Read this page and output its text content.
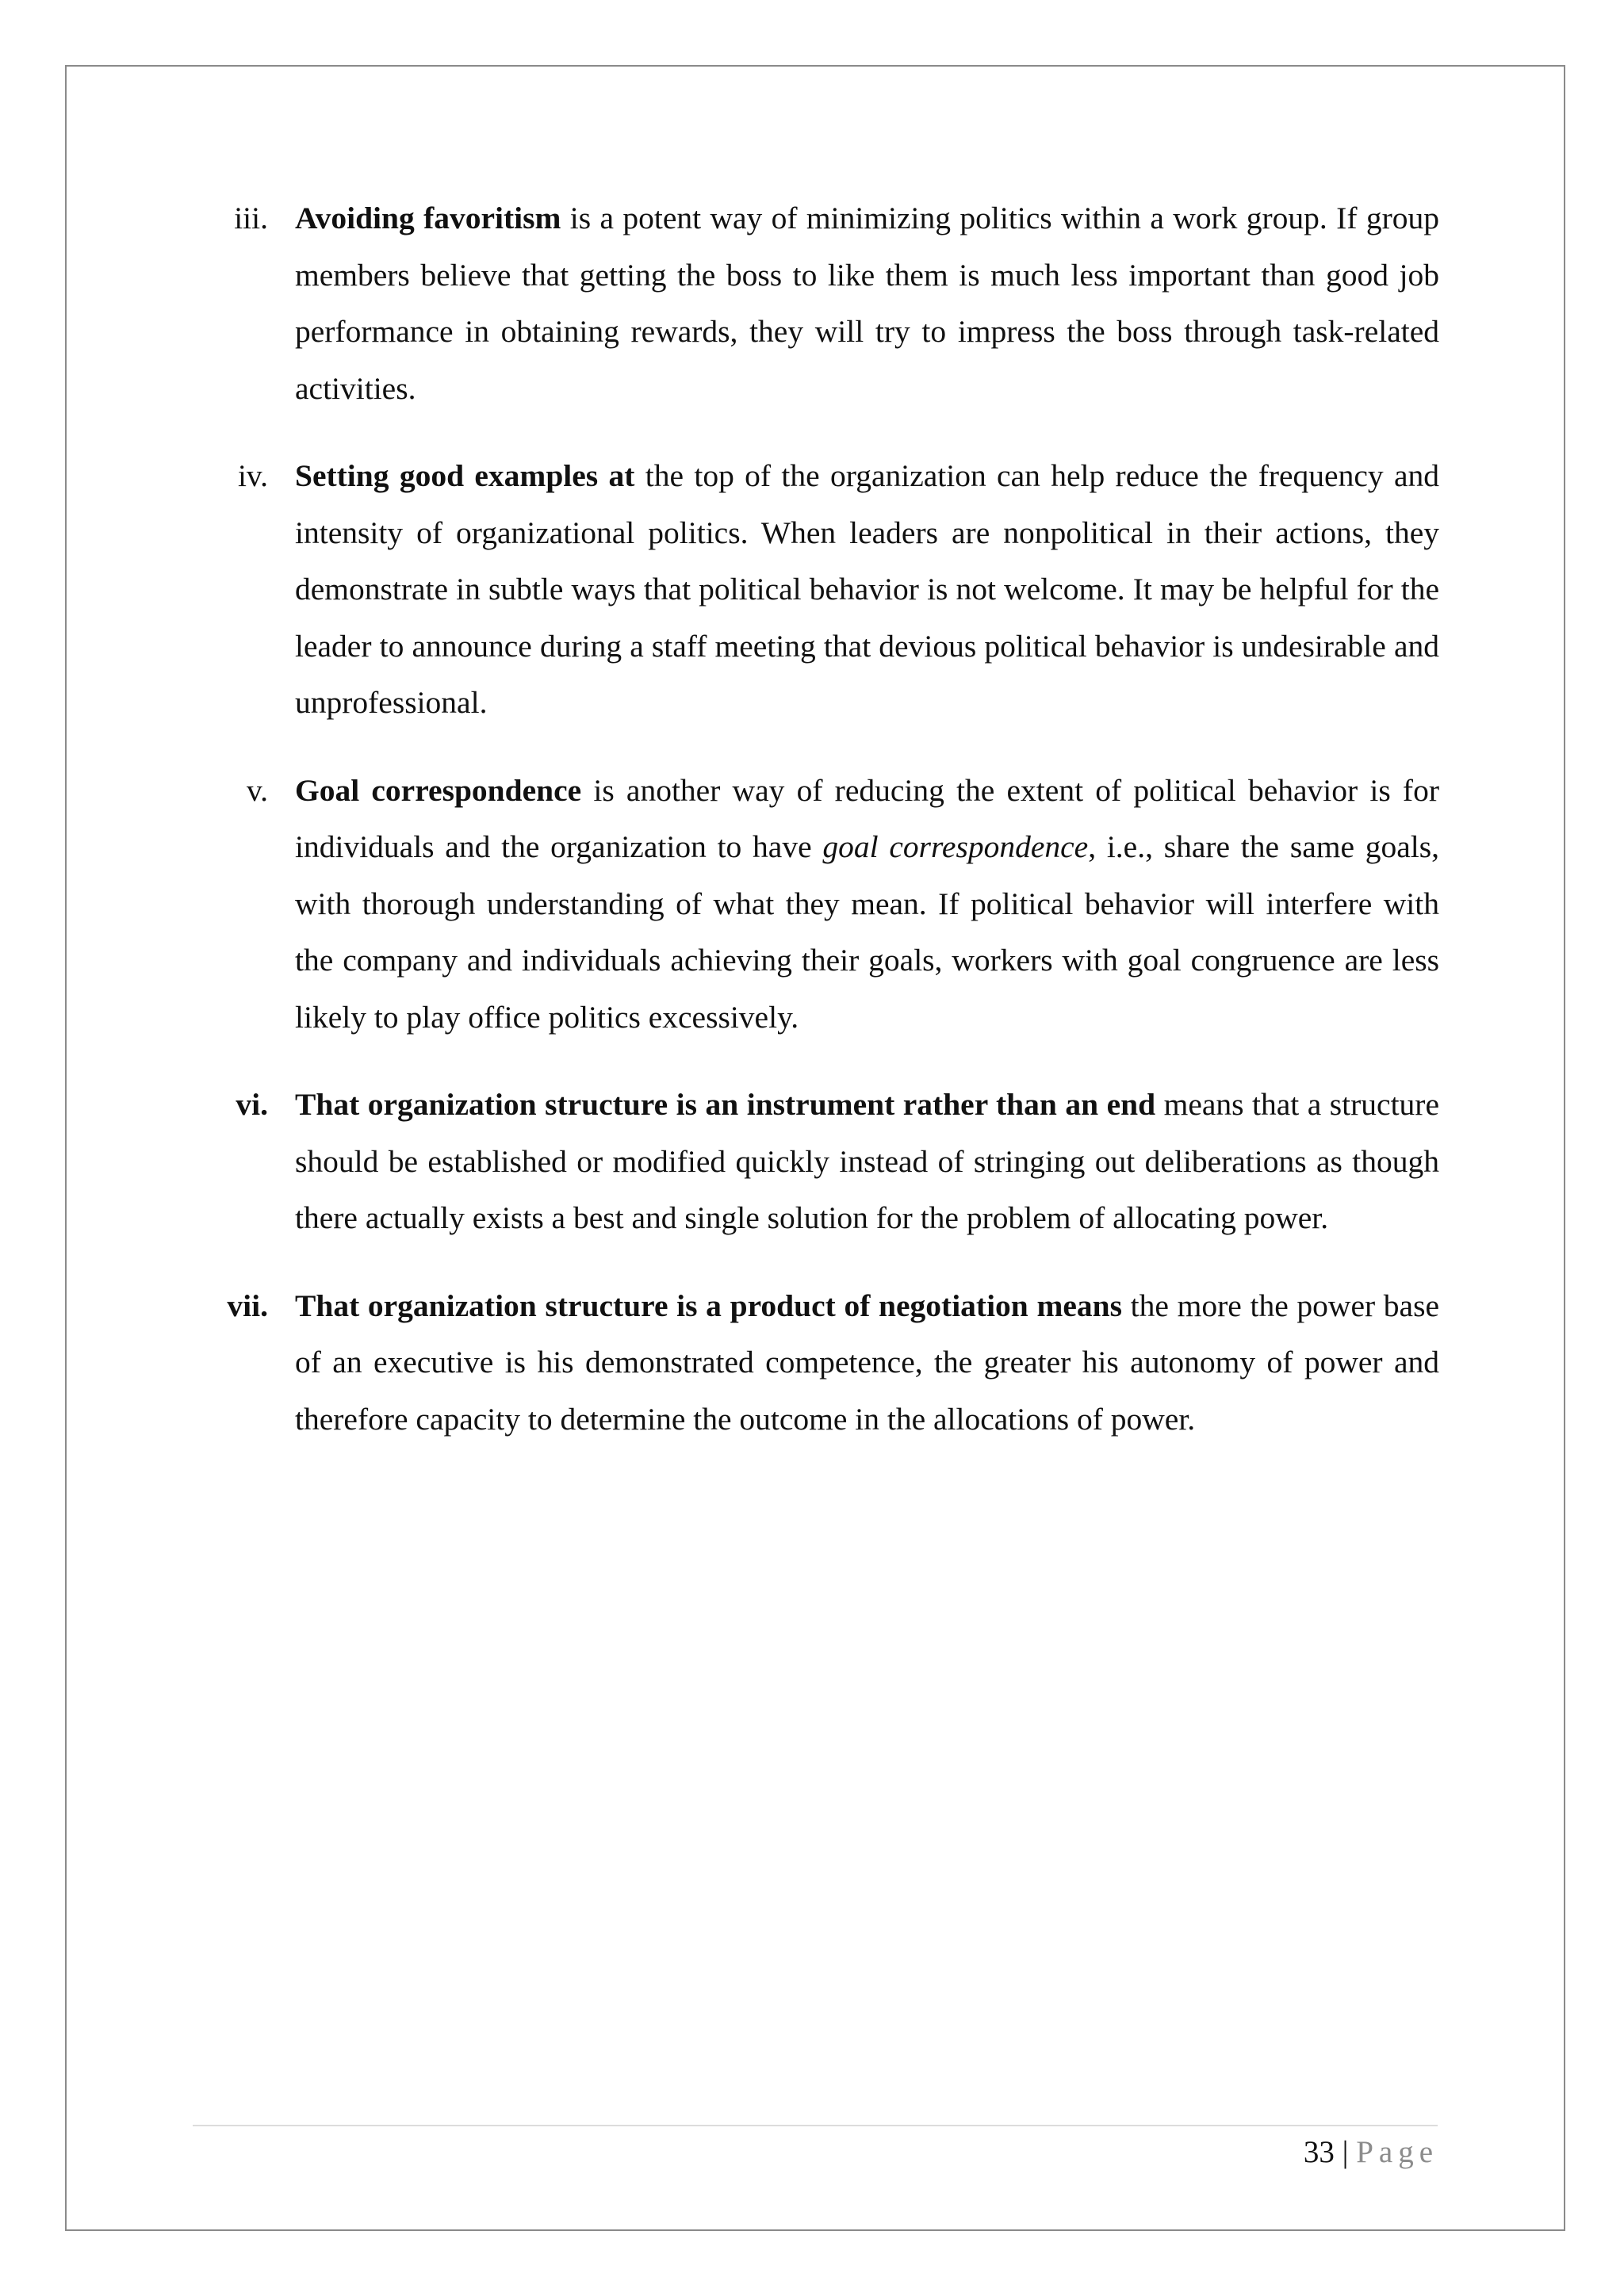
iii. Avoiding favoritism is a potent way of minimizing politics within a work group. If group members believe that getting the boss to like them is much less important than good job performance in obtaining rewards, they will try to impress the boss through task-related activities.
iv. Setting good examples at the top of the organization can help reduce the frequency and intensity of organizational politics. When leaders are nonpolitical in their actions, they demonstrate in subtle ways that political behavior is not welcome. It may be helpful for the leader to announce during a staff meeting that devious political behavior is undesirable and unprofessional.
v. Goal correspondence is another way of reducing the extent of political behavior is for individuals and the organization to have goal correspondence, i.e., share the same goals, with thorough understanding of what they mean. If political behavior will interfere with the company and individuals achieving their goals, workers with goal congruence are less likely to play office politics excessively.
vi. That organization structure is an instrument rather than an end means that a structure should be established or modified quickly instead of stringing out deliberations as though there actually exists a best and single solution for the problem of allocating power.
vii. That organization structure is a product of negotiation means the more the power base of an executive is his demonstrated competence, the greater his autonomy of power and therefore capacity to determine the outcome in the allocations of power.
33 | Page
